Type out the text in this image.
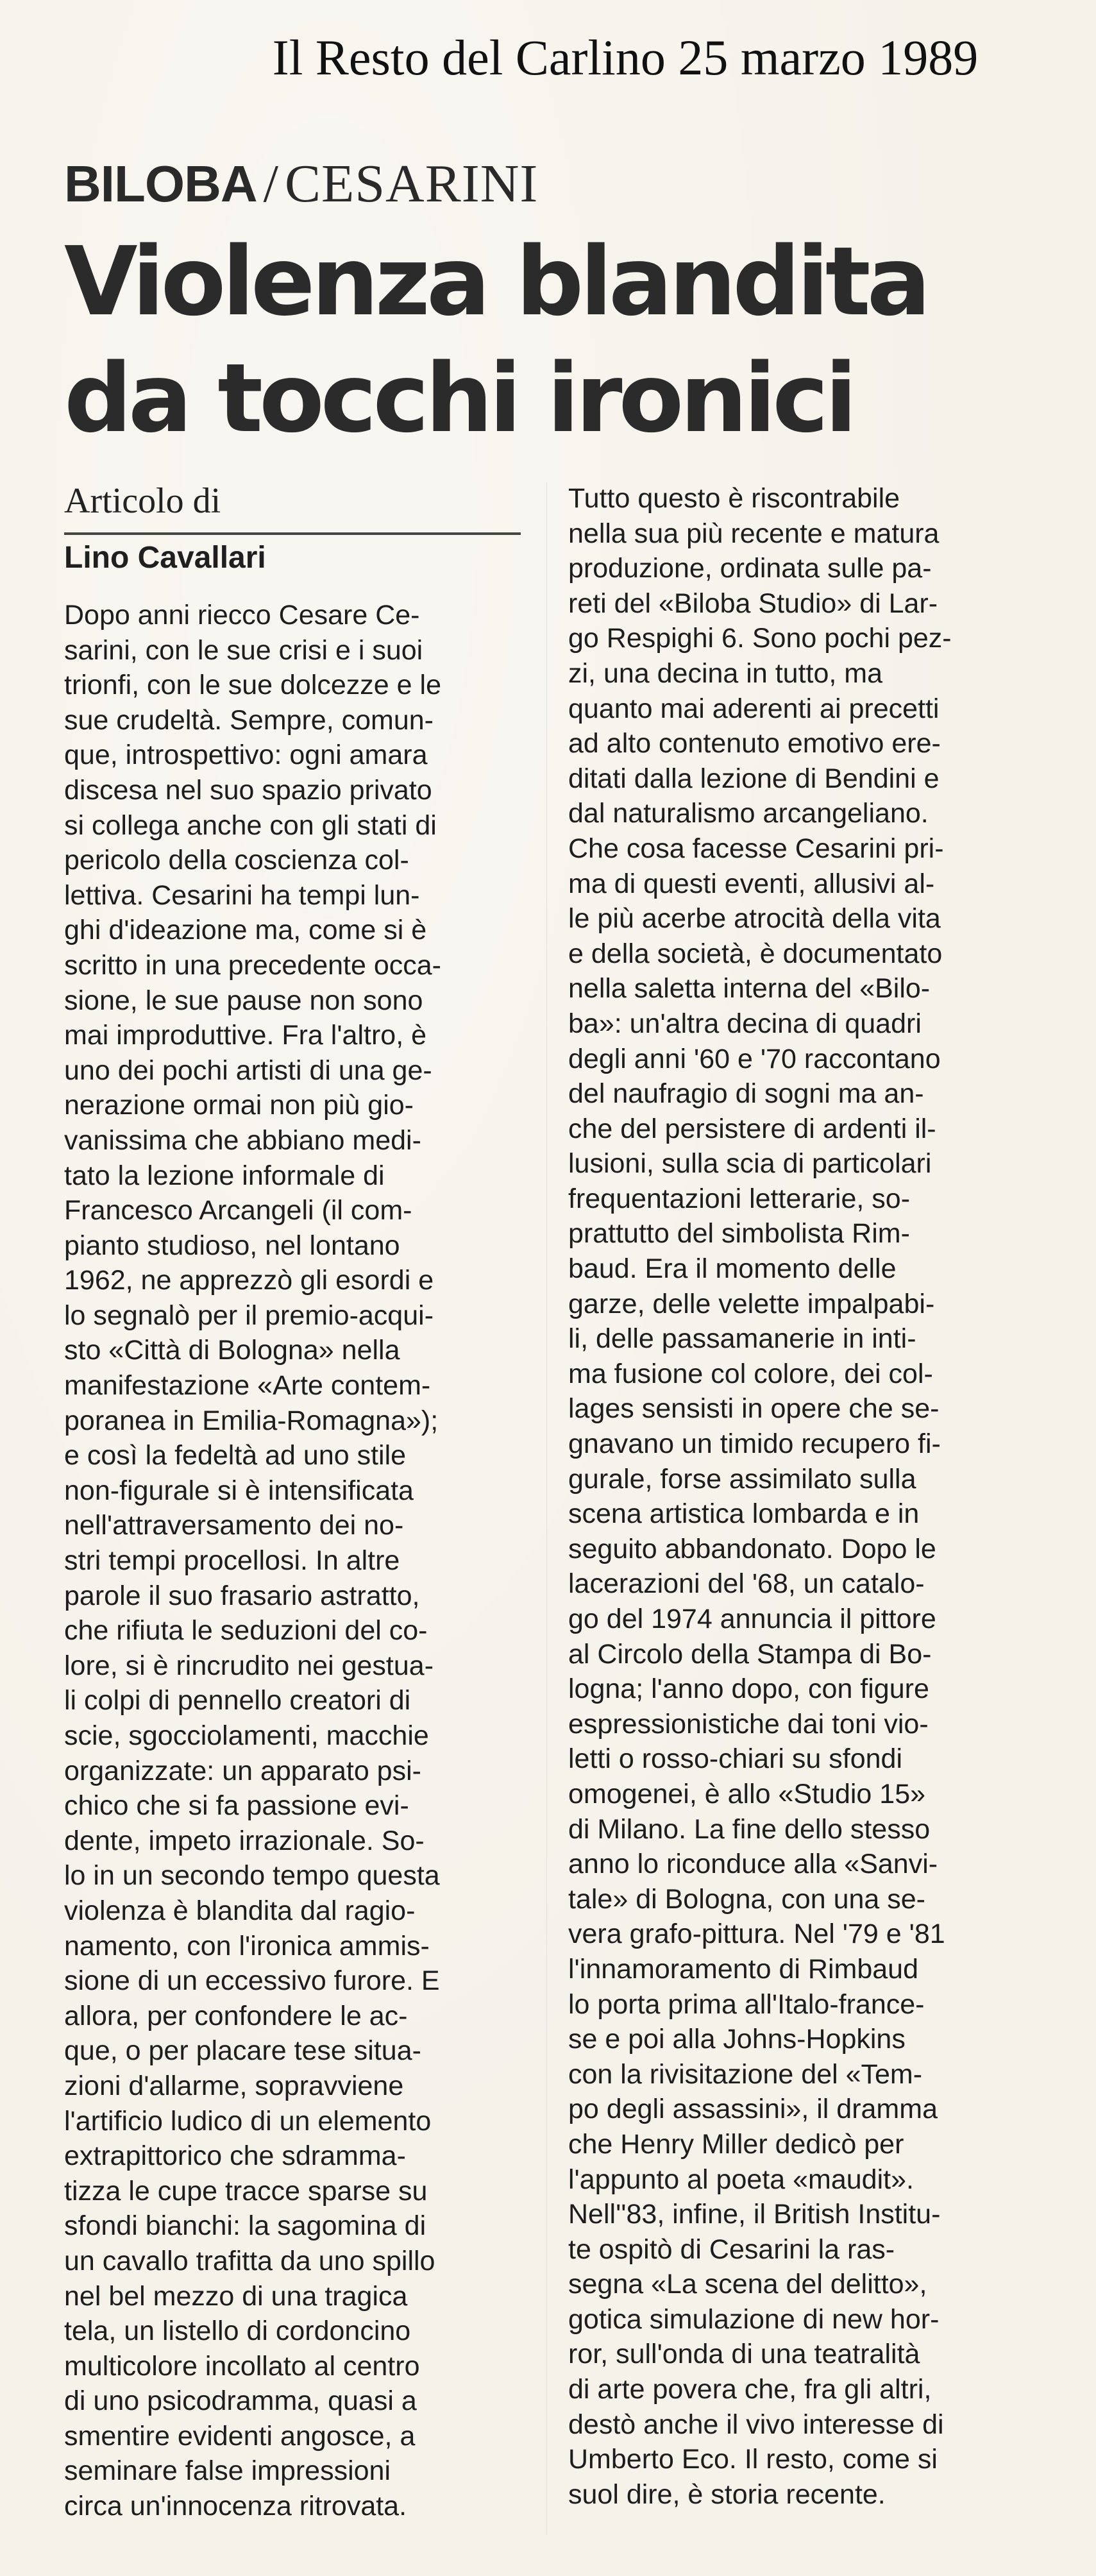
Il Resto del Carlino 25 marzo 1989
BILOBA / CESARINI
Violenza blandita
da tocchi ironici
Articolo di
Lino Cavallari
Dopo anni riecco Cesare Ce-
sarini, con le sue crisi e i suoi
trionfi, con le sue dolcezze e le
sue crudeltà. Sempre, comun-
que, introspettivo: ogni amara
discesa nel suo spazio privato
si collega anche con gli stati di
pericolo della coscienza col-
lettiva. Cesarini ha tempi lun-
ghi d'ideazione ma, come si è
scritto in una precedente occa-
sione, le sue pause non sono
mai improduttive. Fra l'altro, è
uno dei pochi artisti di una ge-
nerazione ormai non più gio-
vanissima che abbiano medi-
tato la lezione informale di
Francesco Arcangeli (il com-
pianto studioso, nel lontano
1962, ne apprezzò gli esordi e
lo segnalò per il premio-acqui-
sto «Città di Bologna» nella
manifestazione «Arte contem-
poranea in Emilia-Romagna»);
e così la fedeltà ad uno stile
non-figurale si è intensificata
nell'attraversamento dei no-
stri tempi procellosi. In altre
parole il suo frasario astratto,
che rifiuta le seduzioni del co-
lore, si è rincrudito nei gestua-
li colpi di pennello creatori di
scie, sgocciolamenti, macchie
organizzate: un apparato psi-
chico che si fa passione evi-
dente, impeto irrazionale. So-
lo in un secondo tempo questa
violenza è blandita dal ragio-
namento, con l'ironica ammis-
sione di un eccessivo furore. E
allora, per confondere le ac-
que, o per placare tese situa-
zioni d'allarme, sopravviene
l'artificio ludico di un elemento
extrapittorico che sdramma-
tizza le cupe tracce sparse su
sfondi bianchi: la sagomina di
un cavallo trafitta da uno spillo
nel bel mezzo di una tragica
tela, un listello di cordoncino
multicolore incollato al centro
di uno psicodramma, quasi a
smentire evidenti angosce, a
seminare false impressioni
circa un'innocenza ritrovata.
Tutto questo è riscontrabile
nella sua più recente e matura
produzione, ordinata sulle pa-
reti del «Biloba Studio» di Lar-
go Respighi 6. Sono pochi pez-
zi, una decina in tutto, ma
quanto mai aderenti ai precetti
ad alto contenuto emotivo ere-
ditati dalla lezione di Bendini e
dal naturalismo arcangeliano.
Che cosa facesse Cesarini pri-
ma di questi eventi, allusivi al-
le più acerbe atrocità della vita
e della società, è documentato
nella saletta interna del «Bilo-
ba»: un'altra decina di quadri
degli anni '60 e '70 raccontano
del naufragio di sogni ma an-
che del persistere di ardenti il-
lusioni, sulla scia di particolari
frequentazioni letterarie, so-
prattutto del simbolista Rim-
baud. Era il momento delle
garze, delle velette impalpabi-
li, delle passamanerie in inti-
ma fusione col colore, dei col-
lages sensisti in opere che se-
gnavano un timido recupero fi-
gurale, forse assimilato sulla
scena artistica lombarda e in
seguito abbandonato. Dopo le
lacerazioni del '68, un catalo-
go del 1974 annuncia il pittore
al Circolo della Stampa di Bo-
logna; l'anno dopo, con figure
espressionistiche dai toni vio-
letti o rosso-chiari su sfondi
omogenei, è allo «Studio 15»
di Milano. La fine dello stesso
anno lo riconduce alla «Sanvi-
tale» di Bologna, con una se-
vera grafo-pittura. Nel '79 e '81
l'innamoramento di Rimbaud
lo porta prima all'Italo-france-
se e poi alla Johns-Hopkins
con la rivisitazione del «Tem-
po degli assassini», il dramma
che Henry Miller dedicò per
l'appunto al poeta «maudit».
Nell''83, infine, il British Institu-
te ospitò di Cesarini la ras-
segna «La scena del delitto»,
gotica simulazione di new hor-
ror, sull'onda di una teatralità
di arte povera che, fra gli altri,
destò anche il vivo interesse di
Umberto Eco. Il resto, come si
suol dire, è storia recente.
